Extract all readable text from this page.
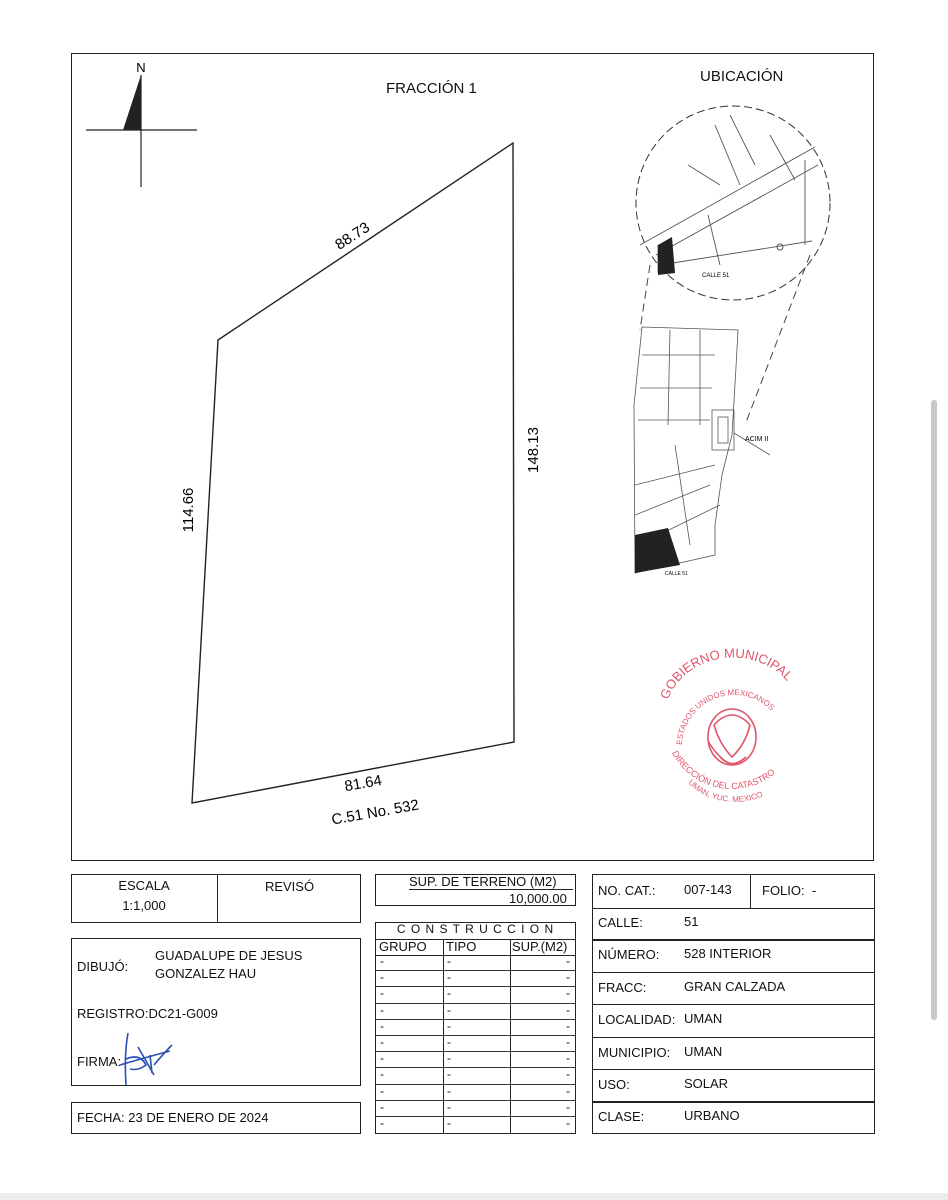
N
88.73
148.13
114.66
81.64
C.51 No. 532
FRACCIÓN 1
UBICACIÓN
CALLE 51
ACIM II
CALLE 51
GOBIERNO MUNICIPAL
ESTADOS UNIDOS MEXICANOS
DIRECCIÓN DEL CATASTRO
UMAN, YUC. MEXICO
ESCALA
1:1,000
REVISÓ
DIBUJÓ:
GUADALUPE DE JESUS
GONZALEZ HAU
REGISTRO:DC21-G009
FIRMA:
FECHA: 23 DE ENERO DE 2024
SUP. DE TERRENO (M2)
10,000.00
C O N S T R U C C I O N
GRUPO TIPO	SUP.(M2)
-	-	-
-	-	-
-	-	-
-	-	-
-	-	-
-	-	-
-	-	-
-	-	-
-	-	-
-	-	-
-	-	-
NO. CAT.: 007-143 FOLIO: -
CALLE:	51
NÚMERO: 528 INTERIOR
FRACC:	GRAN CALZADA
LOCALIDAD: UMAN
MUNICIPIO: UMAN
USO:	SOLAR
CLASE:	URBANO
